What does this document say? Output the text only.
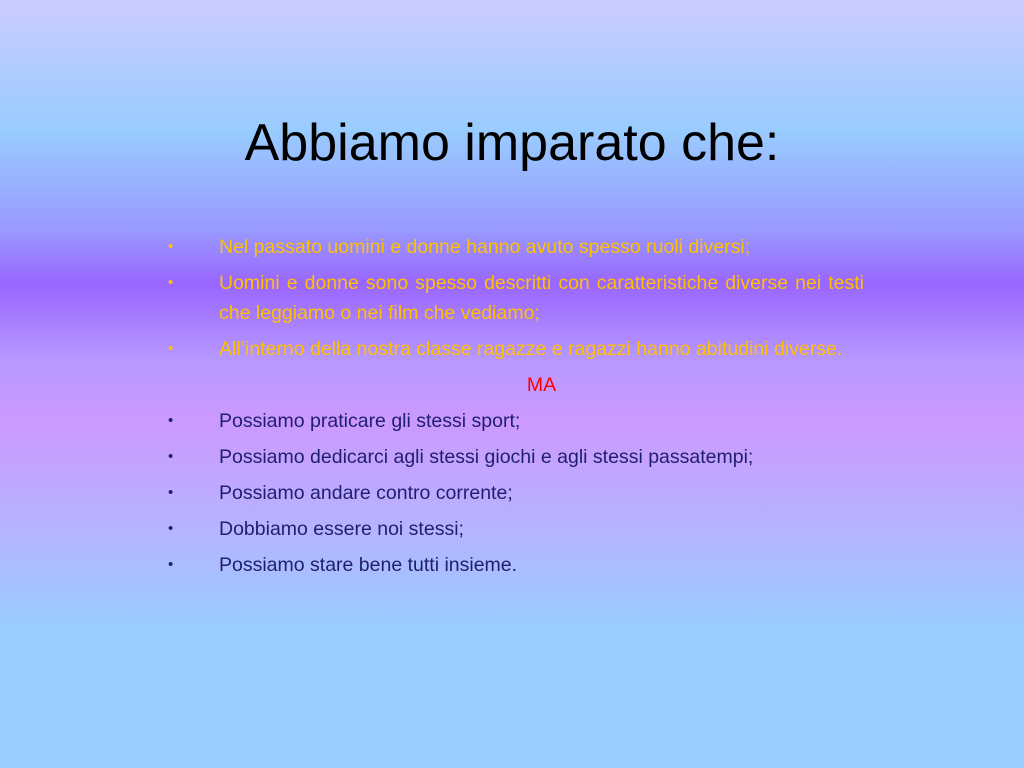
Abbiamo imparato che:
• Nel passato uomini e donne hanno avuto spesso ruoli diversi;
• Uomini e donne sono spesso descritti con caratteristiche diverse nei testi che leggiamo o nei film che vediamo;
• All’interno della nostra classe ragazze e ragazzi hanno abitudini diverse.

MA

• Possiamo praticare gli stessi sport;
• Possiamo dedicarci agli stessi giochi e agli stessi passatempi;
• Possiamo andare contro corrente;
• Dobbiamo essere noi stessi;
• Possiamo stare bene tutti insieme.
